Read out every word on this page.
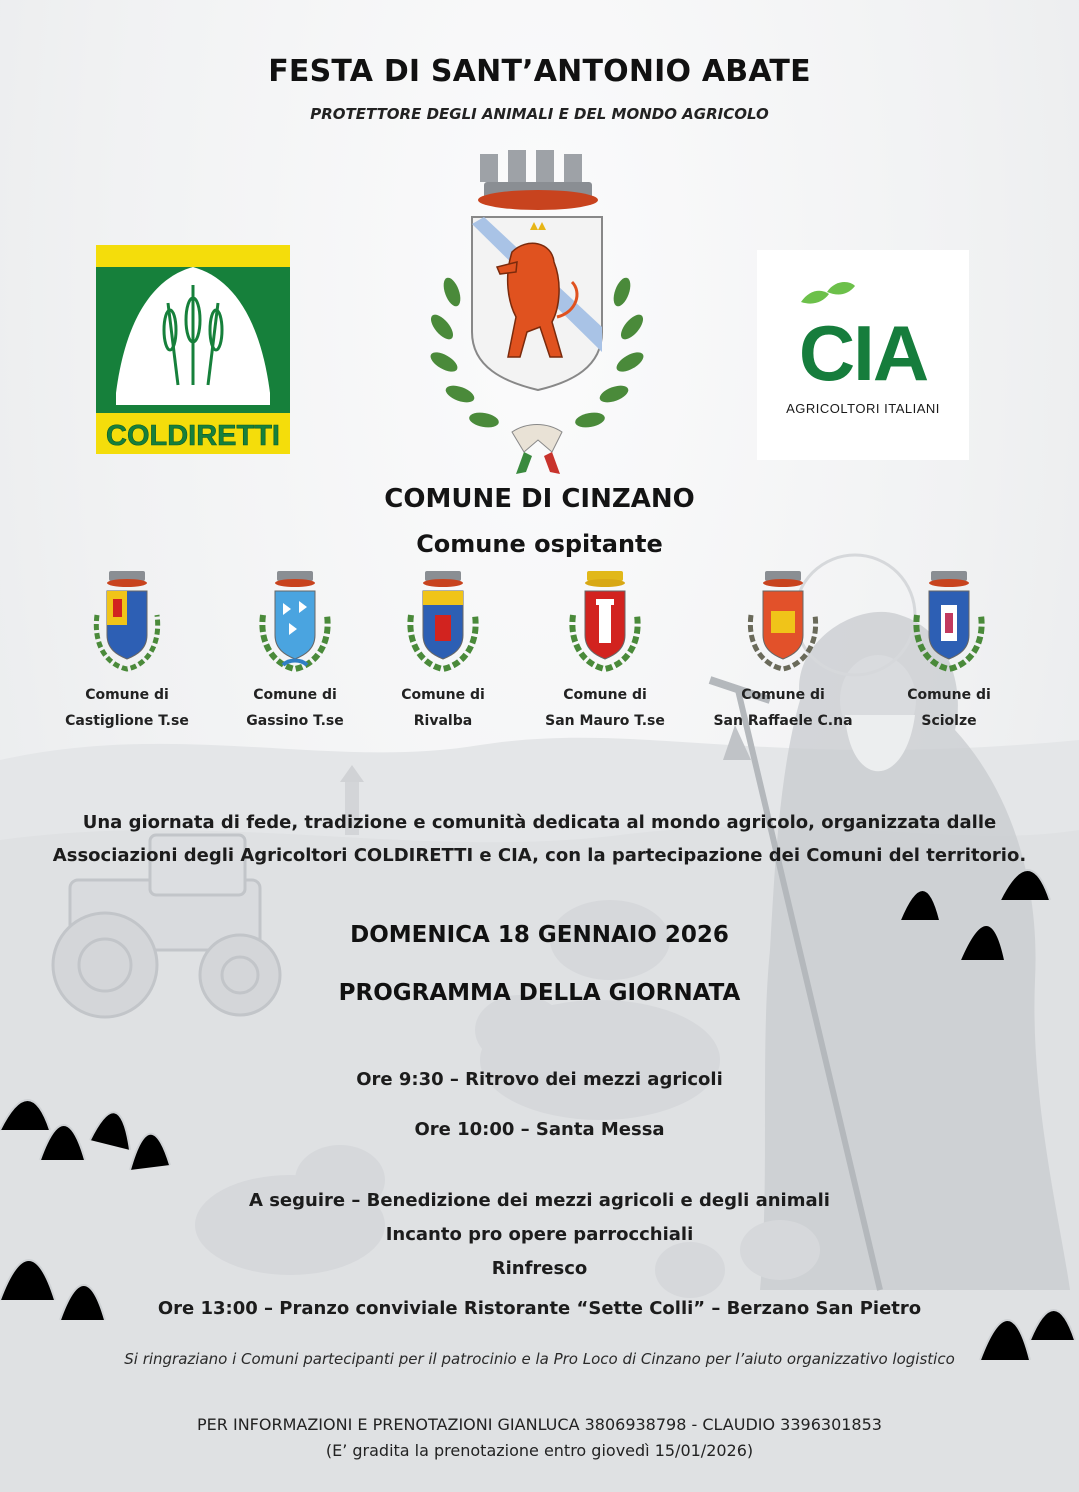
FESTA DI SANT’ANTONIO ABATE
PROTETTORE DEGLI ANIMALI E DEL MONDO AGRICOLO
COLDIRETTI
CIA
AGRICOLTORI ITALIANI
COMUNE DI CINZANO
Comune ospitante
Comune di
Castiglione T.se
Comune di
Gassino T.se
Comune di
Rivalba
Comune di
San Mauro T.se
Comune di
San Raffaele C.na
Comune di
Sciolze
Una giornata di fede, tradizione e comunità dedicata al mondo agricolo, organizzata dalle Associazioni degli Agricoltori COLDIRETTI e CIA, con la partecipazione dei Comuni del territorio.
DOMENICA 18 GENNAIO 2026
PROGRAMMA DELLA GIORNATA
Ore 9:30 – Ritrovo dei mezzi agricoli
Ore 10:00 – Santa Messa
A seguire – Benedizione dei mezzi agricoli e degli animali
Incanto pro opere parrocchiali
Rinfresco
Ore 13:00 – Pranzo conviviale Ristorante “Sette Colli” – Berzano San Pietro
Si ringraziano i Comuni partecipanti per il patrocinio e la Pro Loco di Cinzano per l’aiuto organizzativo logistico
PER INFORMAZIONI E PRENOTAZIONI GIANLUCA 3806938798 - CLAUDIO 3396301853
(E’ gradita la prenotazione entro giovedì 15/01/2026)
